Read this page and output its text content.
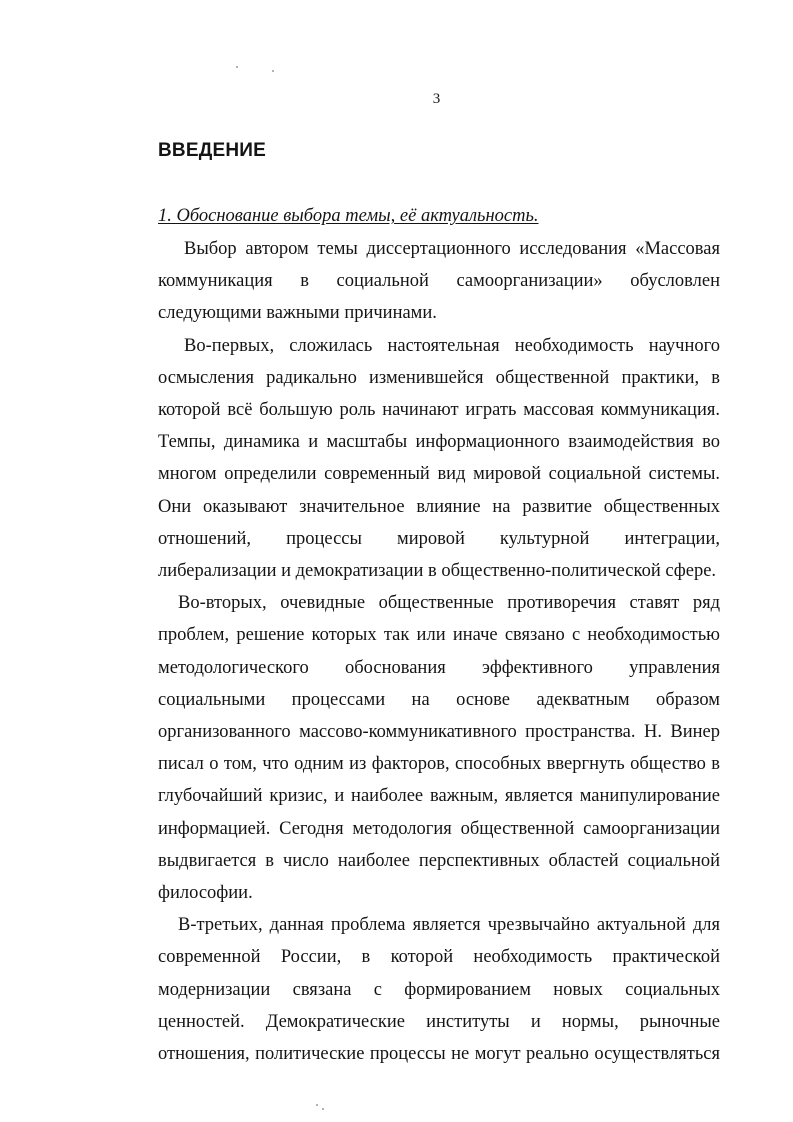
3
ВВЕДЕНИЕ
1. Обоснование выбора темы, её актуальность.

Выбор автором темы диссертационного исследования «Массовая
коммуникация в социальной самоорганизации» обусловлен
следующими важными причинами.

Во-первых, сложилась настоятельная необходимость научного
осмысления радикально изменившейся общественной практики, в
которой всё большую роль начинают играть массовая коммуникация.
Темпы, динамика и масштабы информационного взаимодействия во
многом определили современный вид мировой социальной системы.
Они оказывают значительное влияние на развитие общественных
отношений, процессы мировой культурной интеграции,
либерализации и демократизации в общественно-политической сфере.

Во-вторых, очевидные общественные противоречия ставят ряд
проблем, решение которых так или иначе связано с необходимостью
методологического обоснования эффективного управления
социальными процессами на основе адекватным образом
организованного массово-коммуникативного пространства. Н. Винер
писал о том, что одним из факторов, способных ввергнуть общество в
глубочайший кризис, и наиболее важным, является манипулирование
информацией. Сегодня методология общественной самоорганизации
выдвигается в число наиболее перспективных областей социальной
философии.

В-третьих, данная проблема является чрезвычайно актуальной для
современной России, в которой необходимость практической
модернизации связана с формированием новых социальных
ценностей. Демократические институты и нормы, рыночные
отношения, политические процессы не могут реально осуществляться
